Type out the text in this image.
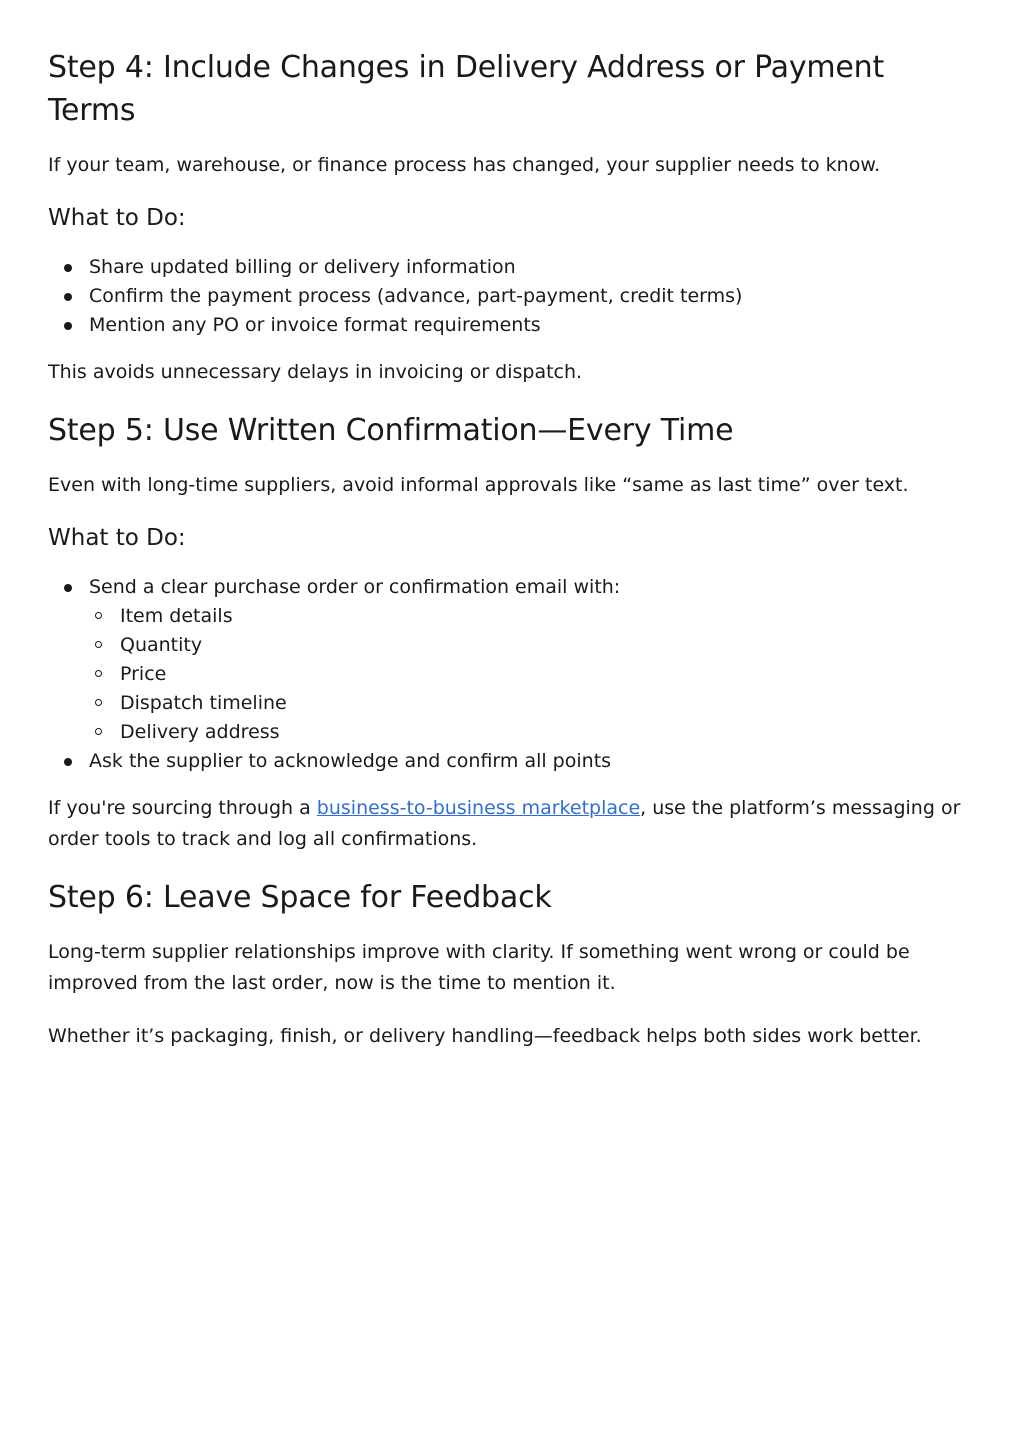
Step 4: Include Changes in Delivery Address or Payment Terms

If your team, warehouse, or finance process has changed, your supplier needs to know.

What to Do:
Share updated billing or delivery information
Confirm the payment process (advance, part-payment, credit terms)
Mention any PO or invoice format requirements

This avoids unnecessary delays in invoicing or dispatch.

Step 5: Use Written Confirmation—Every Time

Even with long-time suppliers, avoid informal approvals like “same as last time” over text.

What to Do:
Send a clear purchase order or confirmation email with:
Item details
Quantity
Price
Dispatch timeline
Delivery address
Ask the supplier to acknowledge and confirm all points

If you're sourcing through a business-to-business marketplace, use the platform’s messaging or order tools to track and log all confirmations.

Step 6: Leave Space for Feedback

Long-term supplier relationships improve with clarity. If something went wrong or could be improved from the last order, now is the time to mention it.

Whether it’s packaging, finish, or delivery handling—feedback helps both sides work better.
